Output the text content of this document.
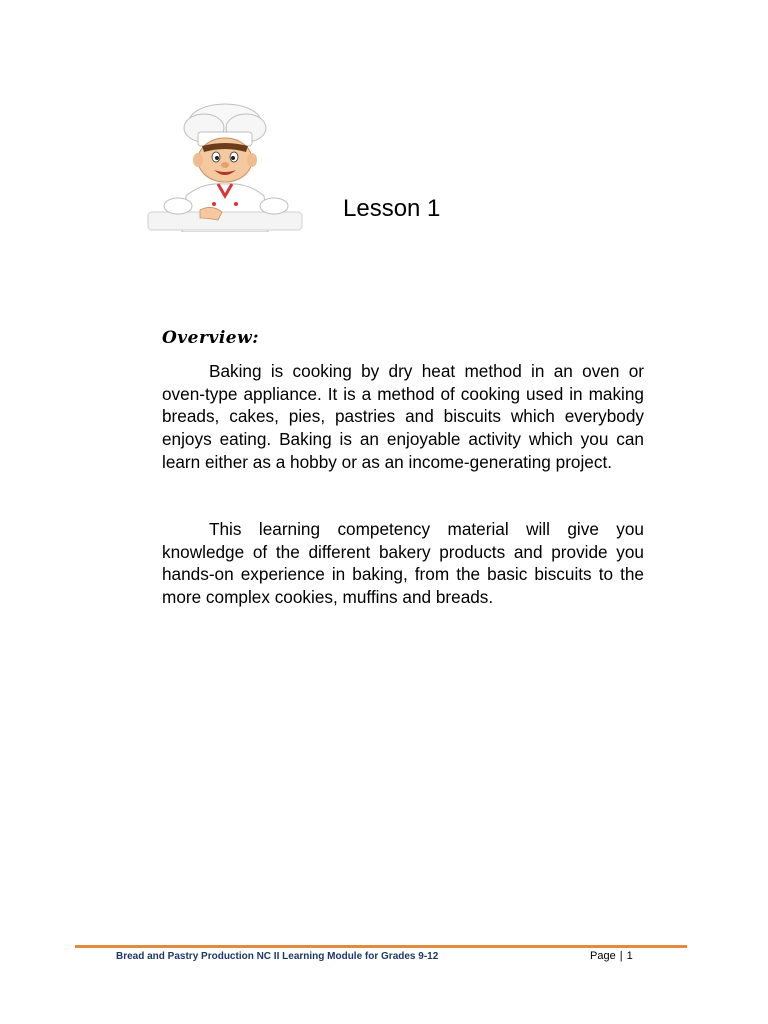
Lesson 1
Overview:
Baking is cooking by dry heat method in an oven or oven-type appliance. It is a method of cooking used in making breads, cakes, pies, pastries and biscuits which everybody enjoys eating. Baking is an enjoyable activity which you can learn either as a hobby or as an income-generating project.
This learning competency material will give you knowledge of the different bakery products and provide you hands-on experience in baking, from the basic biscuits to the more complex cookies, muffins and breads.
Bread and Pastry Production NC II Learning Module for Grades 9-12	Page | 1
